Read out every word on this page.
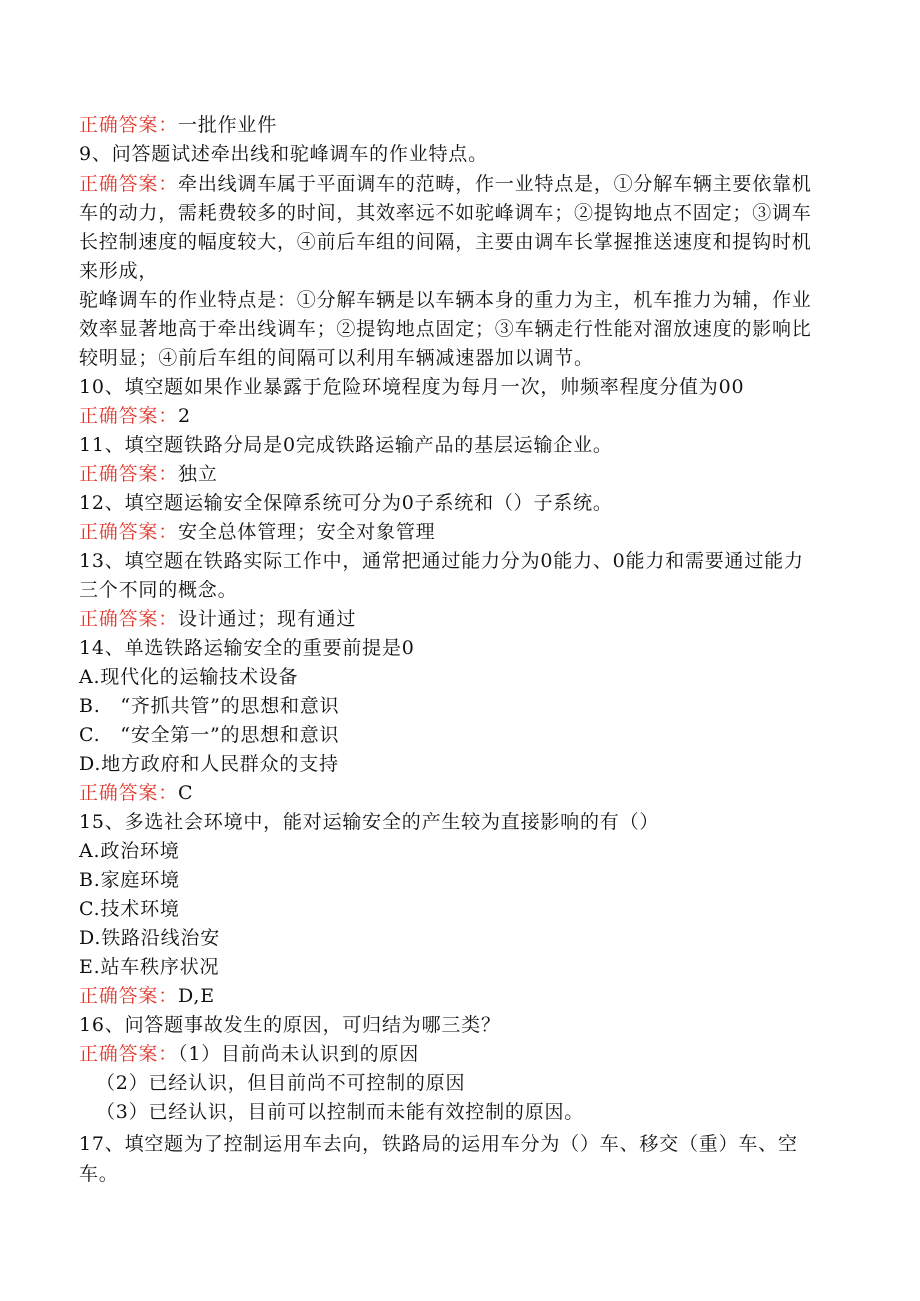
正确答案：一批作业件
9、问答题试述牵出线和驼峰调车的作业特点。
正确答案：牵出线调车属于平面调车的范畴，作一业特点是，①分解车辆主要依靠机
车的动力，需耗费较多的时间，其效率远不如驼峰调车；②提钩地点不固定；③调车
长控制速度的幅度较大，④前后车组的间隔，主要由调车长掌握推送速度和提钩时机
来形成，
驼峰调车的作业特点是：①分解车辆是以车辆本身的重力为主，机车推力为辅，作业
效率显著地高于牵出线调车；②提钩地点固定；③车辆走行性能对溜放速度的影响比
较明显；④前后车组的间隔可以利用车辆减速器加以调节。
10、填空题如果作业暴露于危险环境程度为每月一次，帅频率程度分值为00
正确答案：2
11、填空题铁路分局是0完成铁路运输产品的基层运输企业。
正确答案：独立
12、填空题运输安全保障系统可分为0子系统和（）子系统。
正确答案：安全总体管理；安全对象管理
13、填空题在铁路实际工作中，通常把通过能力分为0能力、0能力和需要通过能力
三个不同的概念。
正确答案：设计通过；现有通过
14、单选铁路运输安全的重要前提是0
A.现代化的运输技术设备
B.　“齐抓共管”的思想和意识
C.　“安全第一”的思想和意识
D.地方政府和人民群众的支持
正确答案：C
15、多选社会环境中，能对运输安全的产生较为直接影响的有（）
A.政治环境
B.家庭环境
C.技术环境
D.铁路沿线治安
E.站车秩序状况
正确答案：D,E
16、问答题事故发生的原因，可归结为哪三类？
正确答案：（1）目前尚未认识到的原因
（2）已经认识，但目前尚不可控制的原因
（3）已经认识，目前可以控制而未能有效控制的原因。
17、填空题为了控制运用车去向，铁路局的运用车分为（）车、移交（重）车、空
车。
